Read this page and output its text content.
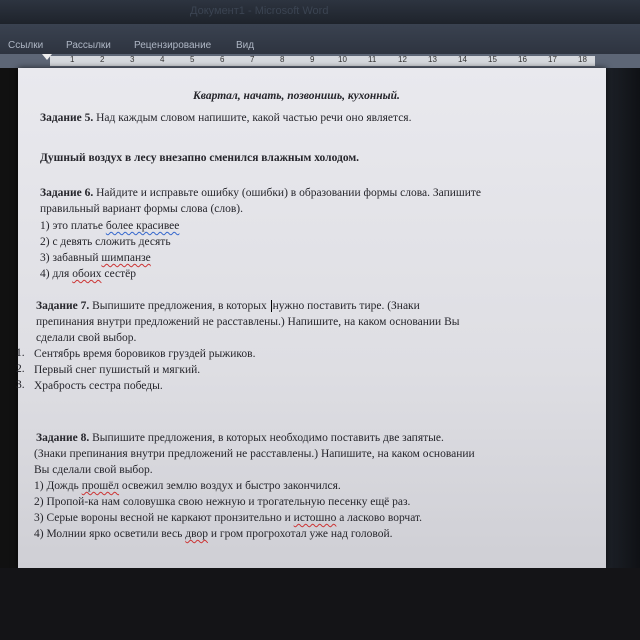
Документ1 - Microsoft Word
Ссылки Рассылки Рецензирование Вид
1	2	3	4	5	6	7	8	9	10	11	12	13	14	15	16	17	18
Квартал, начать, позвонишь, кухонный.
Задание 5. Над каждым словом напишите, какой частью речи оно является.
Душный воздух в лесу внезапно сменился влажным холодом.
Задание 6. Найдите и исправьте ошибку (ошибки) в образовании формы слова. Запишите
правильный вариант формы слова (слов).
1) это платье более красивее
2) с девять сложить десять
3) забавный шимпанзе
4) для обоих сестёр
Задание 7. Выпишите предложения, в которых нужно поставить тире. (Знаки
препинания внутри предложений не расставлены.) Напишите, на каком основании Вы
сделали свой выбор.
1. Сентябрь время боровиков груздей рыжиков.
2. Первый снег пушистый и мягкий.
3. Храбрость сестра победы.
Задание 8. Выпишите предложения, в которых необходимо поставить две запятые.
(Знаки препинания внутри предложений не расставлены.) Напишите, на каком основании
Вы сделали свой выбор.
1) Дождь прошёл освежил землю воздух и быстро закончился.
2) Пропой-ка нам соловушка свою нежную и трогательную песенку ещё раз.
3) Серые вороны весной не каркают пронзительно и истошно а ласково ворчат.
4) Молнии ярко осветили весь двор и гром прогрохотал уже над головой.
